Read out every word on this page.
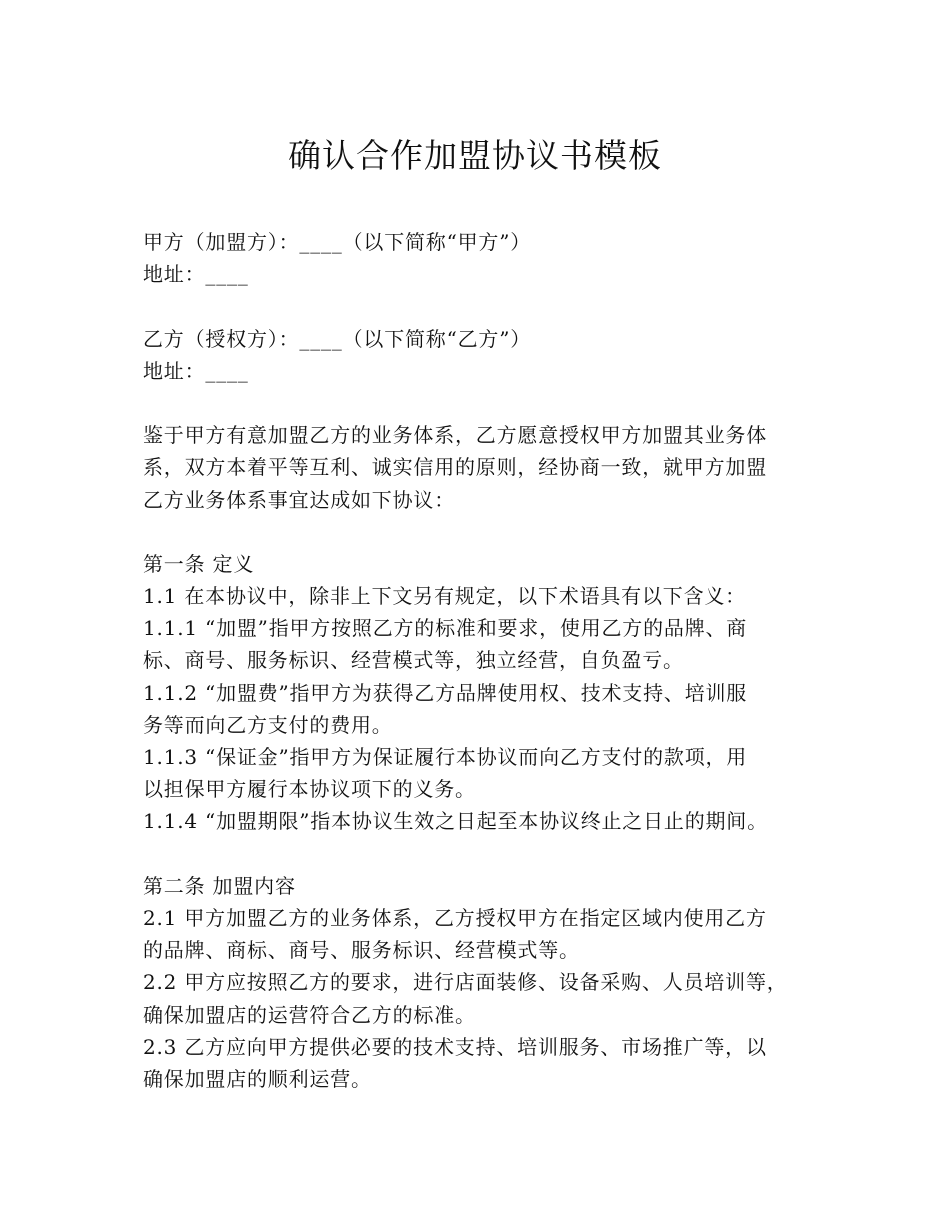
确认合作加盟协议书模板
甲方（加盟方）：____（以下简称“甲方”）
地址：____
乙方（授权方）：____（以下简称“乙方”）
地址：____
鉴于甲方有意加盟乙方的业务体系，乙方愿意授权甲方加盟其业务体
系，双方本着平等互利、诚实信用的原则，经协商一致，就甲方加盟
乙方业务体系事宜达成如下协议：
第一条 定义
1.1 在本协议中，除非上下文另有规定，以下术语具有以下含义：
1.1.1 “加盟”指甲方按照乙方的标准和要求，使用乙方的品牌、商
标、商号、服务标识、经营模式等，独立经营，自负盈亏。
1.1.2 “加盟费”指甲方为获得乙方品牌使用权、技术支持、培训服
务等而向乙方支付的费用。
1.1.3 “保证金”指甲方为保证履行本协议而向乙方支付的款项，用
以担保甲方履行本协议项下的义务。
1.1.4 “加盟期限”指本协议生效之日起至本协议终止之日止的期间。
第二条 加盟内容
2.1 甲方加盟乙方的业务体系，乙方授权甲方在指定区域内使用乙方
的品牌、商标、商号、服务标识、经营模式等。
2.2 甲方应按照乙方的要求，进行店面装修、设备采购、人员培训等，
确保加盟店的运营符合乙方的标准。
2.3 乙方应向甲方提供必要的技术支持、培训服务、市场推广等，以
确保加盟店的顺利运营。
